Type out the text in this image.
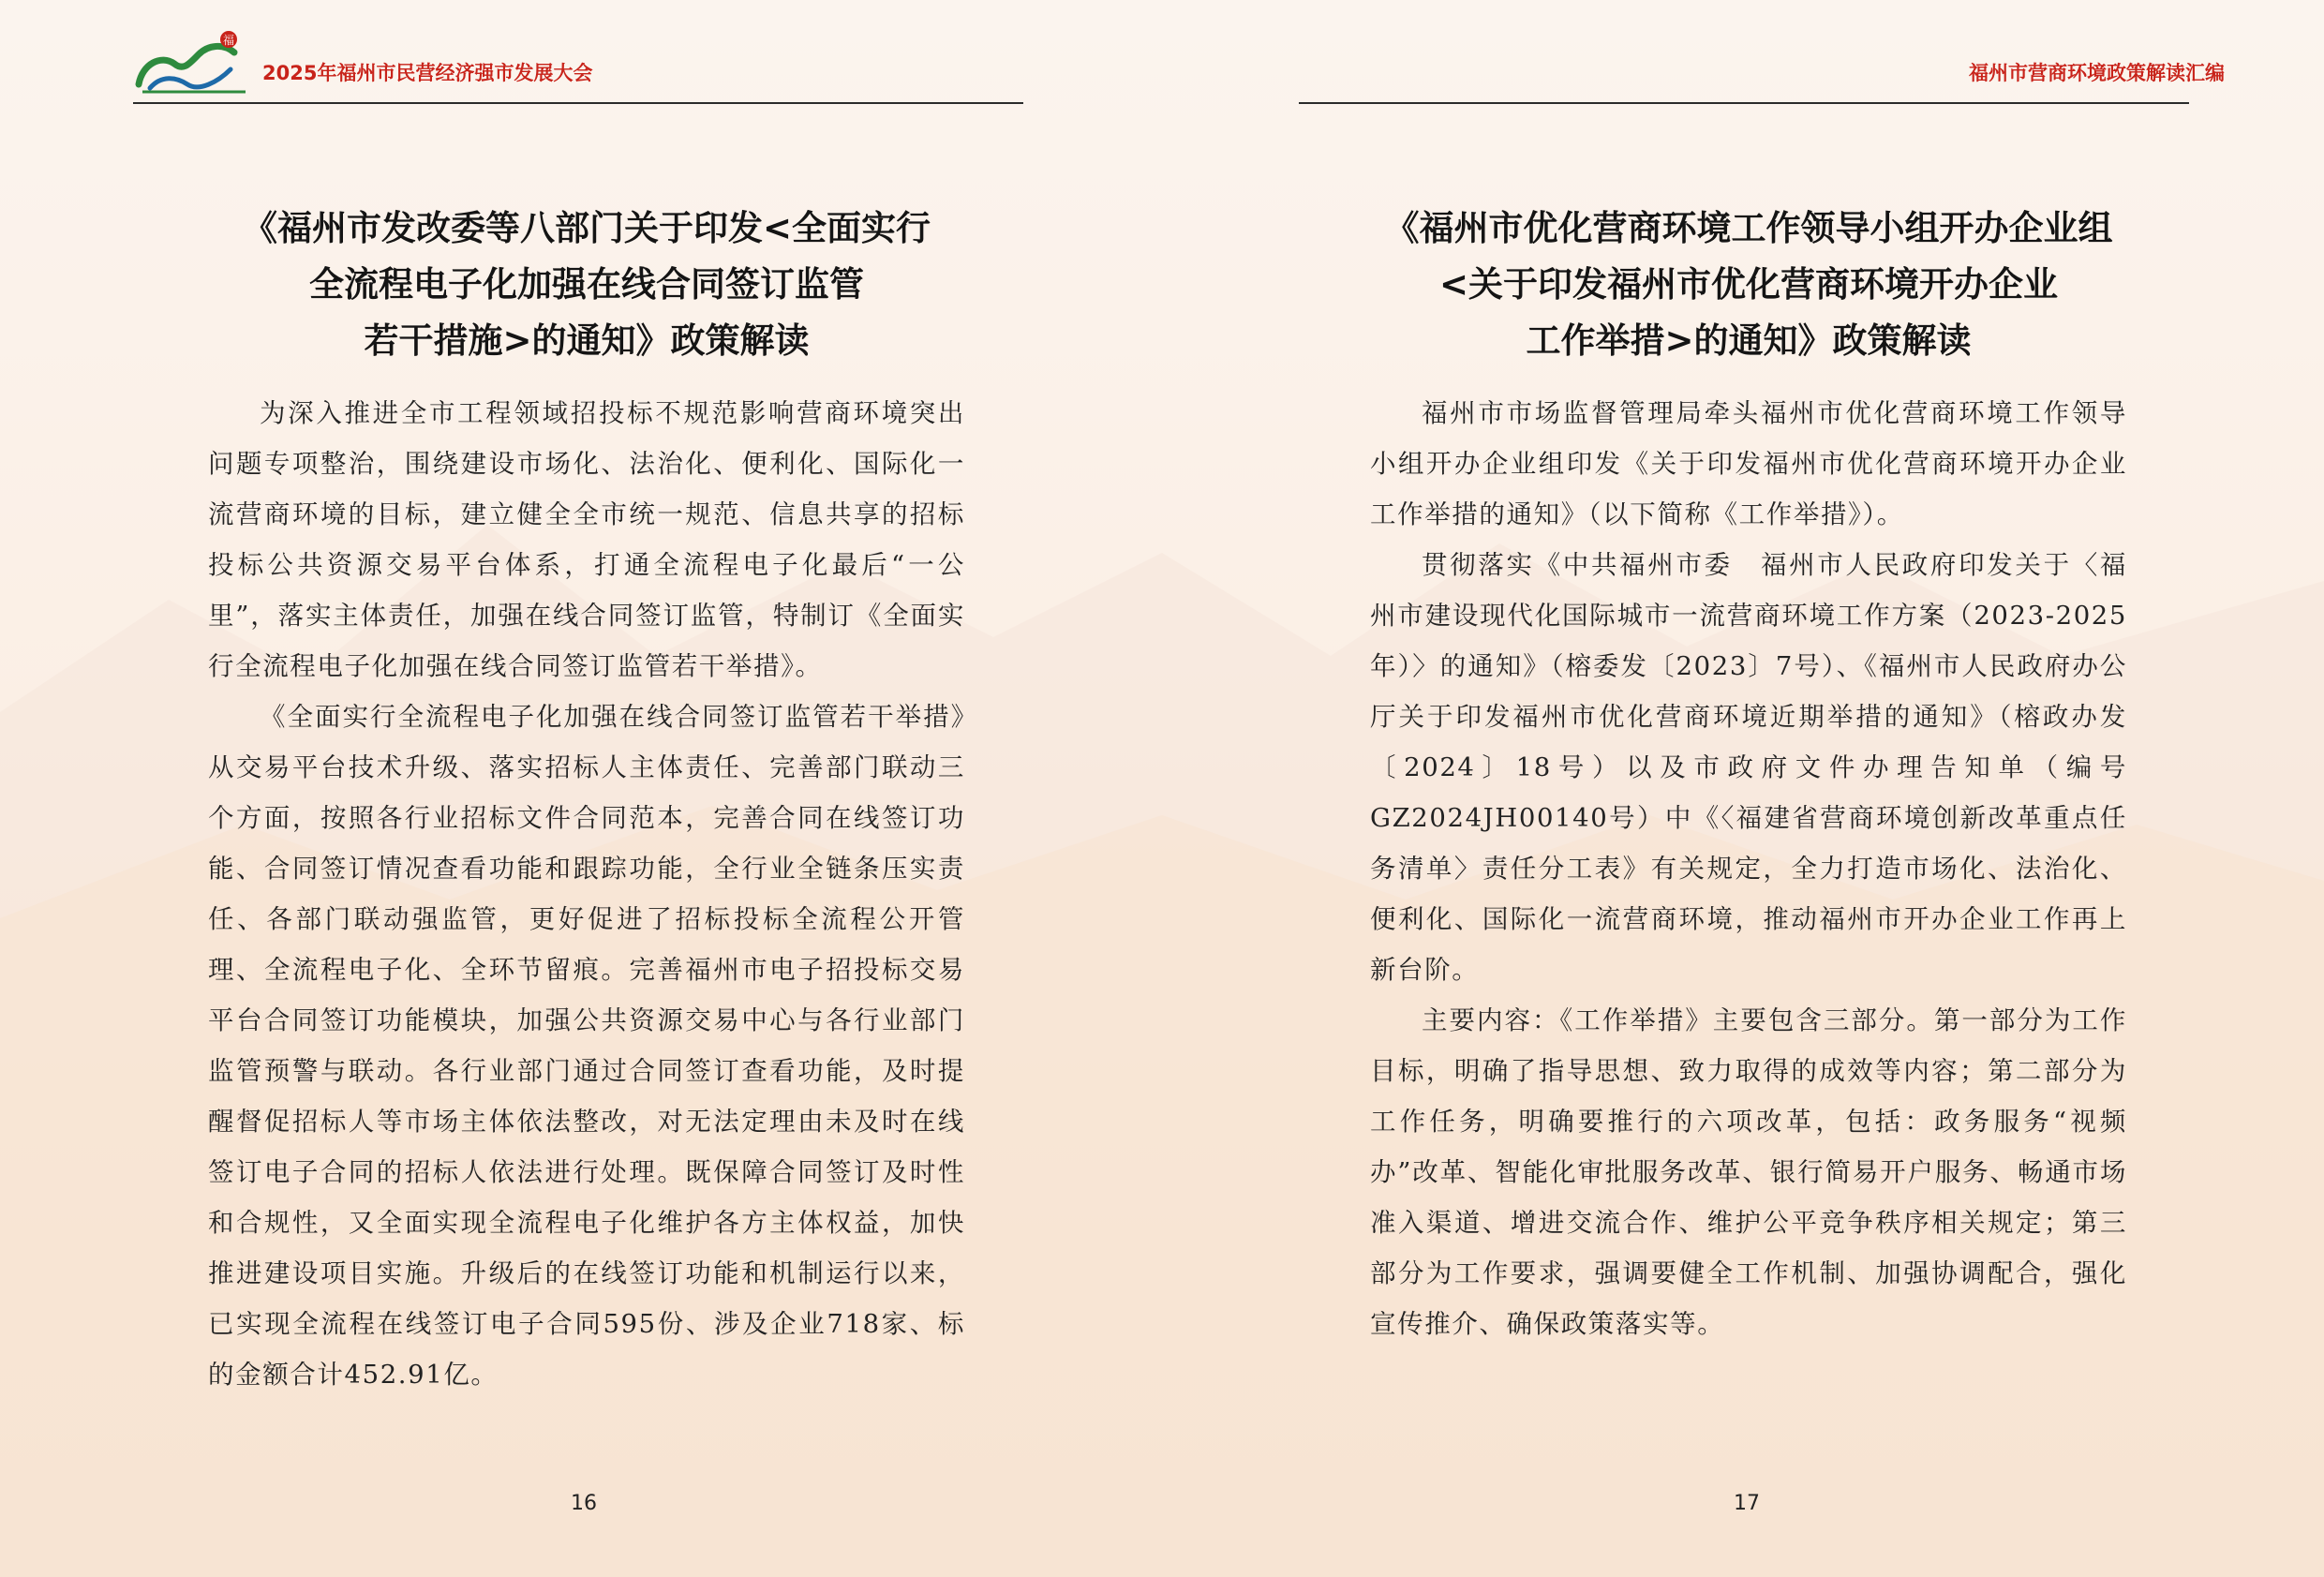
福
2025年福州市民营经济强市发展大会
《福州市发改委等八部门关于印发<全面实行
全流程电子化加强在线合同签订监管
若干措施>的通知》政策解读

为深入推进全市工程领域招投标不规范影响营商环境突出问题专项整治，围绕建设市场化、法治化、便利化、国际化一流营商环境的目标，建立健全全市统一规范、信息共享的招标投标公共资源交易平台体系，打通全流程电子化最后“一公里”，落实主体责任，加强在线合同签订监管，特制订《全面实行全流程电子化加强在线合同签订监管若干举措》。

《全面实行全流程电子化加强在线合同签订监管若干举措》从交易平台技术升级、落实招标人主体责任、完善部门联动三个方面，按照各行业招标文件合同范本，完善合同在线签订功能、合同签订情况查看功能和跟踪功能，全行业全链条压实责任、各部门联动强监管，更好促进了招标投标全流程公开管理、全流程电子化、全环节留痕。完善福州市电子招投标交易平台合同签订功能模块，加强公共资源交易中心与各行业部门监管预警与联动。各行业部门通过合同签订查看功能，及时提醒督促招标人等市场主体依法整改，对无法定理由未及时在线签订电子合同的招标人依法进行处理。既保障合同签订及时性和合规性，又全面实现全流程电子化维护各方主体权益，加快推进建设项目实施。升级后的在线签订功能和机制运行以来，已实现全流程在线签订电子合同595份、涉及企业718家、标的金额合计452.91亿。

16
福州市营商环境政策解读汇编
《福州市优化营商环境工作领导小组开办企业组
<关于印发福州市优化营商环境开办企业
工作举措>的通知》政策解读

福州市市场监督管理局牵头福州市优化营商环境工作领导小组开办企业组印发《关于印发福州市优化营商环境开办企业工作举措的通知》（以下简称《工作举措》）。

贯彻落实《中共福州市委　福州市人民政府印发关于〈福州市建设现代化国际城市一流营商环境工作方案（2023-2025年）〉的通知》（榕委发〔2023〕7号）、《福州市人民政府办公厅关于印发福州市优化营商环境近期举措的通知》（榕政办发〔2024〕18号）以及市政府文件办理告知单（编号GZ2024JH00140号）中《〈福建省营商环境创新改革重点任务清单〉责任分工表》有关规定，全力打造市场化、法治化、便利化、国际化一流营商环境，推动福州市开办企业工作再上新台阶。

主要内容：《工作举措》主要包含三部分。第一部分为工作目标，明确了指导思想、致力取得的成效等内容；第二部分为工作任务，明确要推行的六项改革，包括：政务服务“视频办”改革、智能化审批服务改革、银行简易开户服务、畅通市场准入渠道、增进交流合作、维护公平竞争秩序相关规定；第三部分为工作要求，强调要健全工作机制、加强协调配合，强化宣传推介、确保政策落实等。

17
